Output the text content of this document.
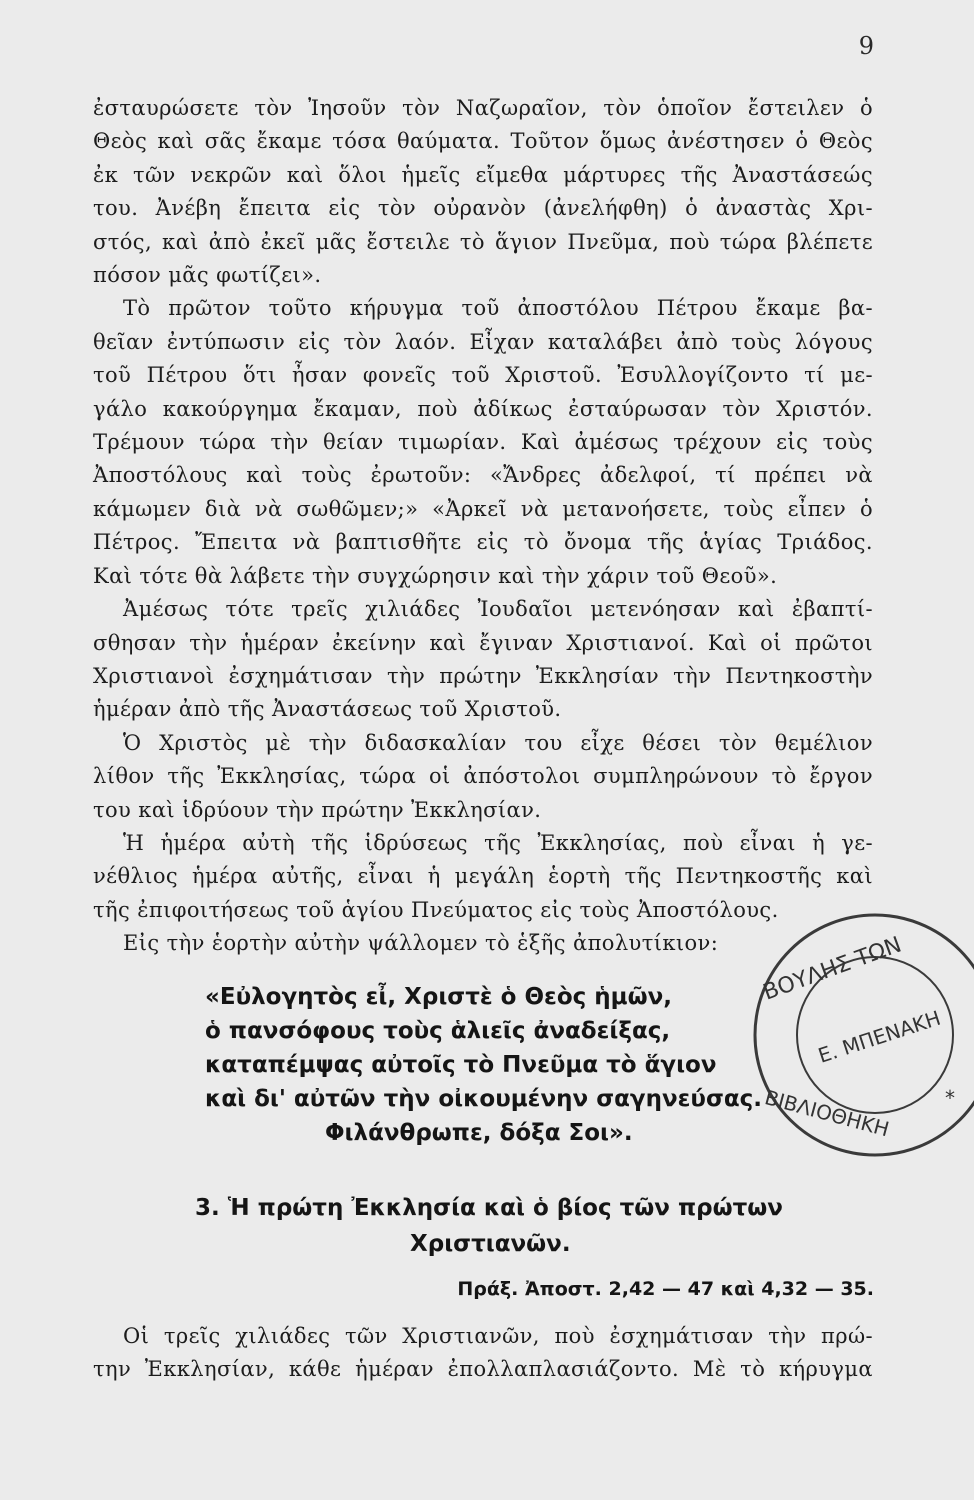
9
ἐσταυρώσετε τὸν Ἰησοῦν τὸν Ναζωραῖον, τὸν ὁποῖον ἔστειλεν ὁ
Θεὸς καὶ σᾶς ἔκαμε τόσα θαύματα. Τοῦτον ὅμως ἀνέστησεν ὁ Θεὸς
ἐκ τῶν νεκρῶν καὶ ὅλοι ἡμεῖς εἴμεθα μάρτυρες τῆς Ἀναστάσεώς
του. Ἀνέβη ἔπειτα εἰς τὸν οὐρανὸν (ἀνελήφθη) ὁ ἀναστὰς Χρι-
στός, καὶ ἀπὸ ἐκεῖ μᾶς ἔστειλε τὸ ἅγιον Πνεῦμα, ποὺ τώρα βλέπετε
πόσον μᾶς φωτίζει».
Τὸ πρῶτον τοῦτο κήρυγμα τοῦ ἀποστόλου Πέτρου ἔκαμε βα-
θεῖαν ἐντύπωσιν εἰς τὸν λαόν. Εἶχαν καταλάβει ἀπὸ τοὺς λόγους
τοῦ Πέτρου ὅτι ἦσαν φονεῖς τοῦ Χριστοῦ. Ἐσυλλογίζοντο τί με-
γάλο κακούργημα ἔκαμαν, ποὺ ἀδίκως ἐσταύρωσαν τὸν Χριστόν.
Τρέμουν τώρα τὴν θείαν τιμωρίαν. Καὶ ἀμέσως τρέχουν εἰς τοὺς
Ἀποστόλους καὶ τοὺς ἐρωτοῦν: «Ἄνδρες ἀδελφοί, τί πρέπει νὰ
κάμωμεν διὰ νὰ σωθῶμεν;» «Ἀρκεῖ νὰ μετανοήσετε, τοὺς εἶπεν ὁ
Πέτρος. Ἔπειτα νὰ βαπτισθῆτε εἰς τὸ ὄνομα τῆς ἁγίας Τριάδος.
Καὶ τότε θὰ λάβετε τὴν συγχώρησιν καὶ τὴν χάριν τοῦ Θεοῦ».
Ἀμέσως τότε τρεῖς χιλιάδες Ἰουδαῖοι μετενόησαν καὶ ἐβαπτί-
σθησαν τὴν ἡμέραν ἐκείνην καὶ ἔγιναν Χριστιανοί. Καὶ οἱ πρῶτοι
Χριστιανοὶ ἐσχημάτισαν τὴν πρώτην Ἐκκλησίαν τὴν Πεντηκοστὴν
ἡμέραν ἀπὸ τῆς Ἀναστάσεως τοῦ Χριστοῦ.
Ὁ Χριστὸς μὲ τὴν διδασκαλίαν του εἶχε θέσει τὸν θεμέλιον
λίθον τῆς Ἐκκλησίας, τώρα οἱ ἀπόστολοι συμπληρώνουν τὸ ἔργον
του καὶ ἱδρύουν τὴν πρώτην Ἐκκλησίαν.
Ἡ ἡμέρα αὐτὴ τῆς ἱδρύσεως τῆς Ἐκκλησίας, ποὺ εἶναι ἡ γε-
νέθλιος ἡμέρα αὐτῆς, εἶναι ἡ μεγάλη ἑορτὴ τῆς Πεντηκοστῆς καὶ
τῆς ἐπιφοιτήσεως τοῦ ἁγίου Πνεύματος εἰς τοὺς Ἀποστόλους.
Εἰς τὴν ἑορτὴν αὐτὴν ψάλλομεν τὸ ἑξῆς ἀπολυτίκιον:
«Εὐλογητὸς εἶ, Χριστὲ ὁ Θεὸς ἡμῶν,
ὁ πανσόφους τοὺς ἁλιεῖς ἀναδείξας,
καταπέμψας αὐτοῖς τὸ Πνεῦμα τὸ ἅγιον
καὶ δι' αὐτῶν τὴν οἰκουμένην σαγηνεύσας.
Φιλάνθρωπε, δόξα Σοι».
3. Ἡ πρώτη Ἐκκλησία καὶ ὁ βίος τῶν πρώτων
Χριστιανῶν.
Πράξ. Ἀποστ. 2,42 — 47 καὶ 4,32 — 35.
Οἱ τρεῖς χιλιάδες τῶν Χριστιανῶν, ποὺ ἐσχημάτισαν τὴν πρώ-
την Ἐκκλησίαν, κάθε ἡμέραν ἐπολλαπλασιάζοντο. Μὲ τὸ κήρυγμα
ΒΟΥΛΗΣ ΤΩΝ
Ε. ΜΠΕΝΑΚΗ
ΒΙΒΛΙΟΘΗΚΗ	*
